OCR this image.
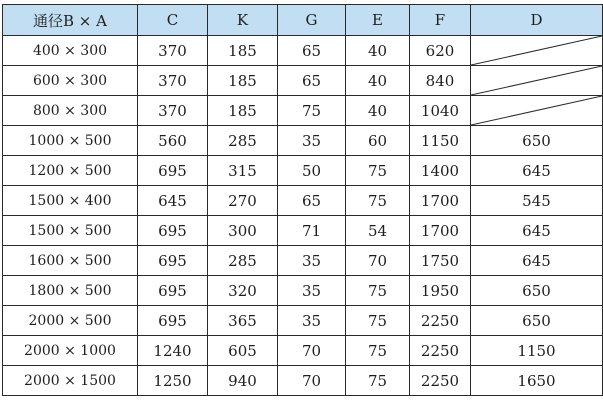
通径B × A	C	K	G	E	F	D
400 × 300	370	185	65	40	620	

600 × 300	370	185	65	40	840	

800 × 300	370	185	75	40	1040	

1000 × 500	560	285	35	60	1150	650
1200 × 500	695	315	50	75	1400	645
1500 × 400	645	270	65	75	1700	545
1500 × 500	695	300	71	54	1700	645
1600 × 500	695	285	35	70	1750	645
1800 × 500	695	320	35	75	1950	650
2000 × 500	695	365	35	75	2250	650
2000 × 1000	1240	605	70	75	2250	1150
2000 × 1500	1250	940	70	75	2250	1650
